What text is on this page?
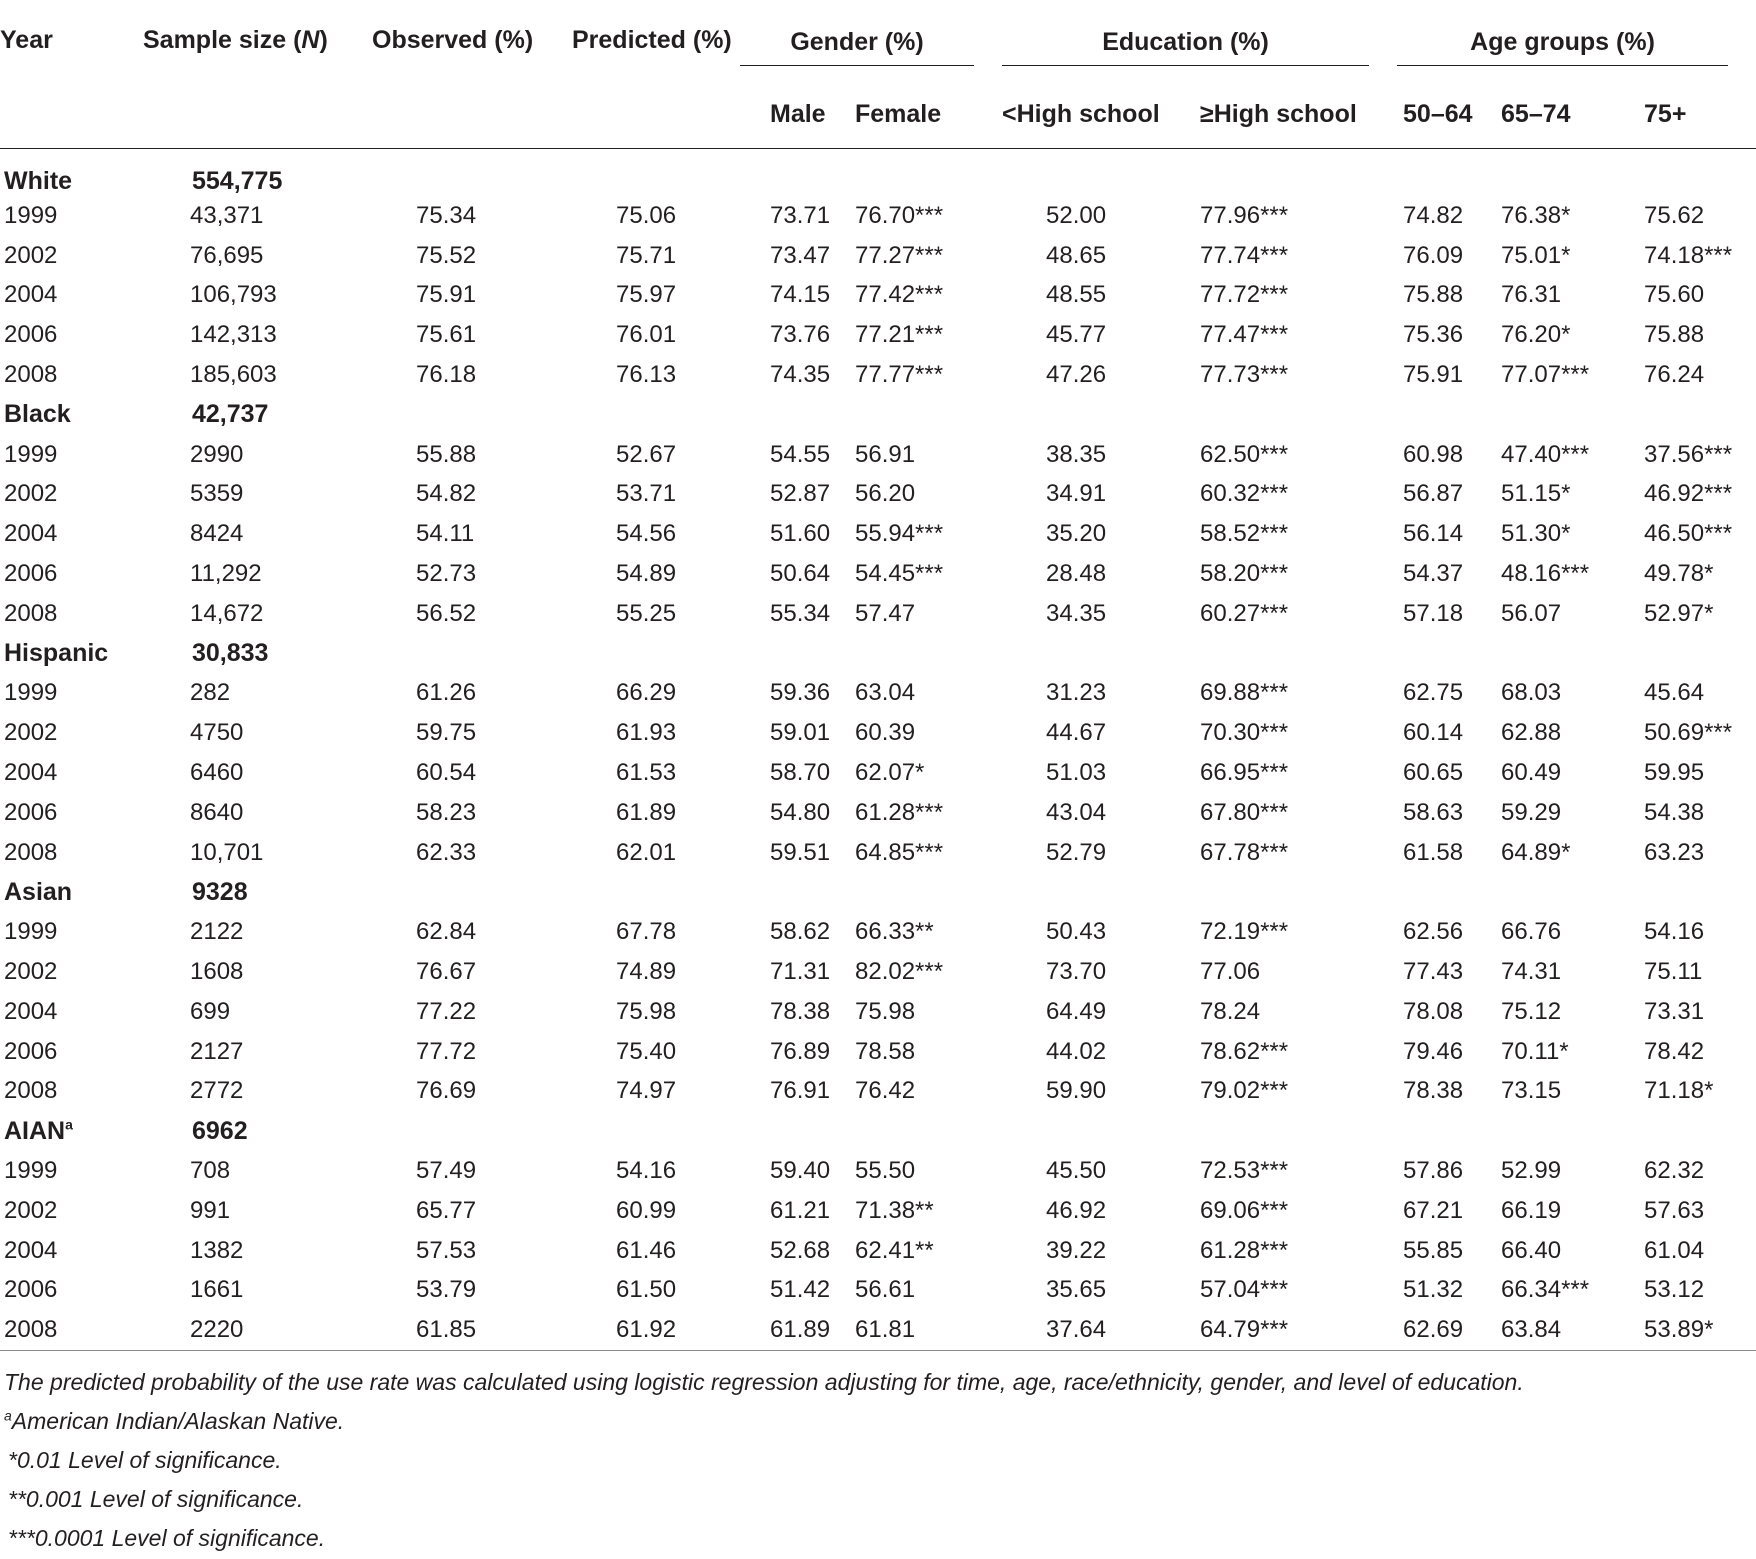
Year	Sample size (N)	Observed (%)	Predicted (%)	Gender (%)		Education (%)		Age groups (%)		

				Male	Female	<High school	≥High school	50–64	65–74	75+
White	554,775									
1999	43,371	75.34	75.06	73.71	76.70***	52.00	77.96***	74.82	76.38*	75.62
2002	76,695	75.52	75.71	73.47	77.27***	48.65	77.74***	76.09	75.01*	74.18***
2004	106,793	75.91	75.97	74.15	77.42***	48.55	77.72***	75.88	76.31	75.60
2006	142,313	75.61	76.01	73.76	77.21***	45.77	77.47***	75.36	76.20*	75.88
2008	185,603	76.18	76.13	74.35	77.77***	47.26	77.73***	75.91	77.07***	76.24
Black	42,737									
1999	2990	55.88	52.67	54.55	56.91	38.35	62.50***	60.98	47.40***	37.56***
2002	5359	54.82	53.71	52.87	56.20	34.91	60.32***	56.87	51.15*	46.92***
2004	8424	54.11	54.56	51.60	55.94***	35.20	58.52***	56.14	51.30*	46.50***
2006	11,292	52.73	54.89	50.64	54.45***	28.48	58.20***	54.37	48.16***	49.78*
2008	14,672	56.52	55.25	55.34	57.47	34.35	60.27***	57.18	56.07	52.97*
Hispanic	30,833									
1999	282	61.26	66.29	59.36	63.04	31.23	69.88***	62.75	68.03	45.64
2002	4750	59.75	61.93	59.01	60.39	44.67	70.30***	60.14	62.88	50.69***
2004	6460	60.54	61.53	58.70	62.07*	51.03	66.95***	60.65	60.49	59.95
2006	8640	58.23	61.89	54.80	61.28***	43.04	67.80***	58.63	59.29	54.38
2008	10,701	62.33	62.01	59.51	64.85***	52.79	67.78***	61.58	64.89*	63.23
Asian	9328									
1999	2122	62.84	67.78	58.62	66.33**	50.43	72.19***	62.56	66.76	54.16
2002	1608	76.67	74.89	71.31	82.02***	73.70	77.06	77.43	74.31	75.11
2004	699	77.22	75.98	78.38	75.98	64.49	78.24	78.08	75.12	73.31
2006	2127	77.72	75.40	76.89	78.58	44.02	78.62***	79.46	70.11*	78.42
2008	2772	76.69	74.97	76.91	76.42	59.90	79.02***	78.38	73.15	71.18*
AIAN$^a$	6962									
1999	708	57.49	54.16	59.40	55.50	45.50	72.53***	57.86	52.99	62.32
2002	991	65.77	60.99	61.21	71.38**	46.92	69.06***	67.21	66.19	57.63
2004	1382	57.53	61.46	52.68	62.41**	39.22	61.28***	55.85	66.40	61.04
2006	1661	53.79	61.50	51.42	56.61	35.65	57.04***	51.32	66.34***	53.12
2008	2220	61.85	61.92	61.89	61.81	37.64	64.79***	62.69	63.84	53.89*

The predicted probability of the use rate was calculated using logistic regression adjusting for time, age, race/ethnicity, gender, and level of education.

$^a$American Indian/Alaskan Native.

*0.01 Level of significance.

**0.001 Level of significance.

***0.0001 Level of significance.
